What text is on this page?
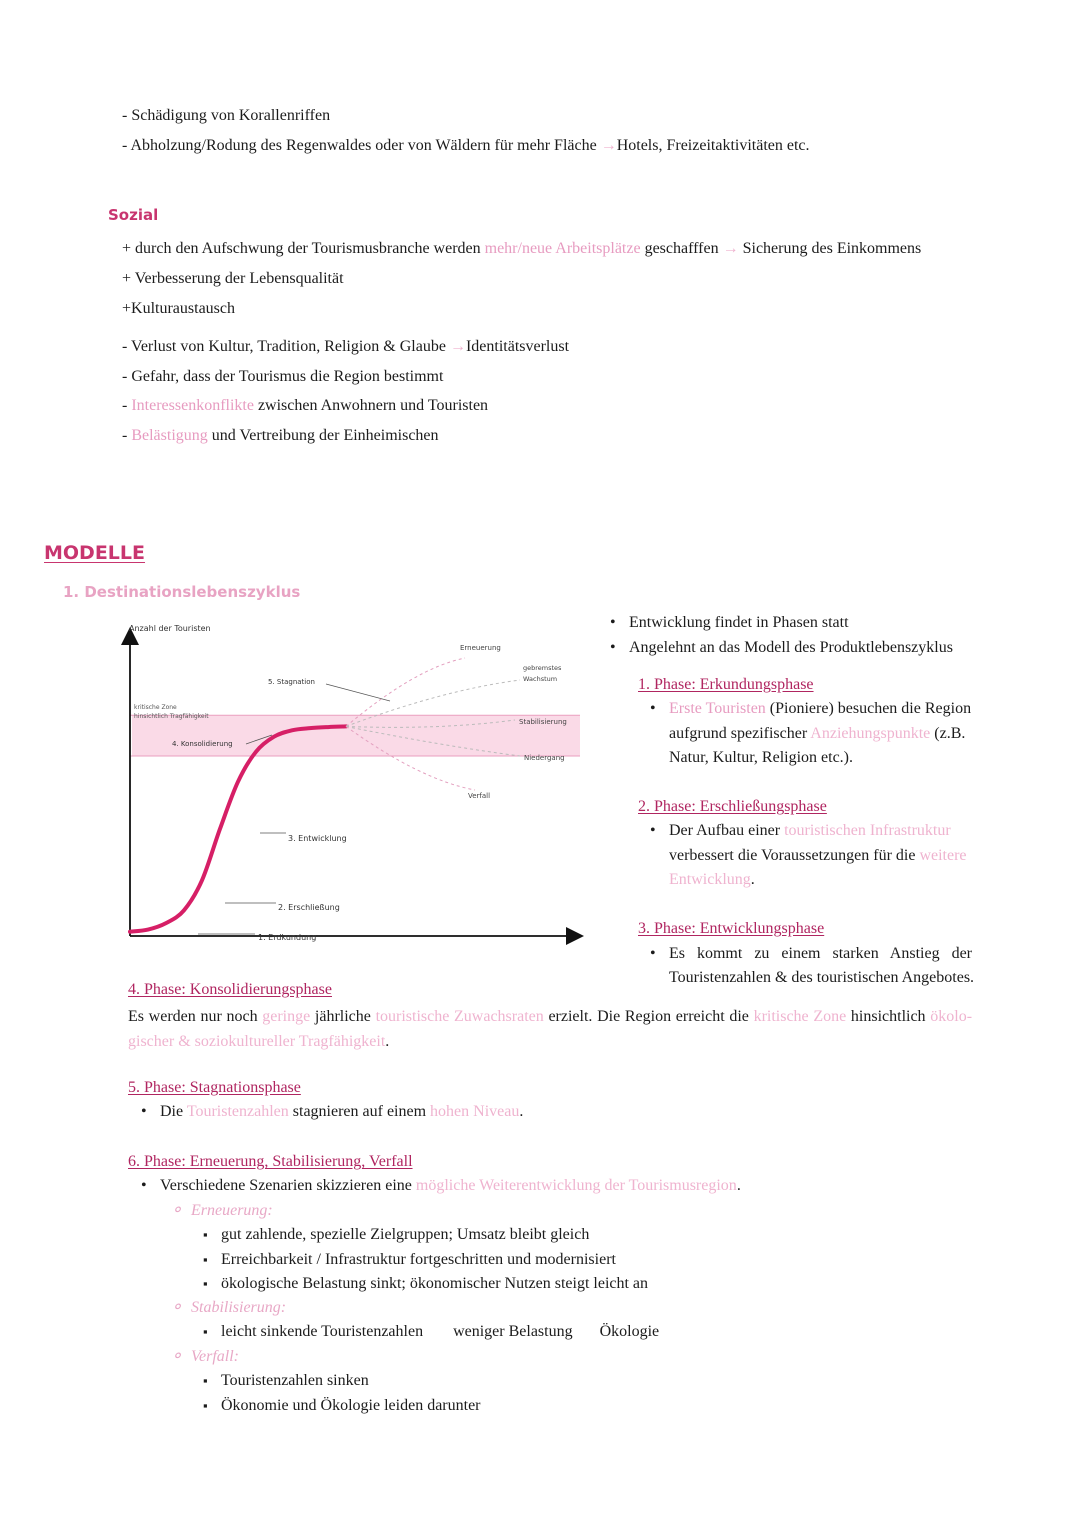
- Schädigung von Korallenriffen
- Abholzung/Rodung des Regenwaldes oder von Wäldern für mehr Fläche →Hotels, Freizeitaktivitäten etc.
Sozial
+ durch den Aufschwung der Tourismusbranche werden mehr/neue Arbeitsplätze geschafffen → Sicherung des Einkommens
+ Verbesserung der Lebensqualität
+Kulturaustausch
- Verlust von Kultur, Tradition, Religion & Glaube →Identitätsverlust
- Gefahr, dass der Tourismus die Region bestimmt
- Interessenkonflikte zwischen Anwohnern und Touristen
- Belästigung und Vertreibung der Einheimischen
MODELLE
1. Destinationslebenszyklus
Anzahl der Touristen
kritische Zone
hinsichtlich Tragfähigkeit
1. Erdkundung
2. Erschließung
3. Entwicklung
4. Konsolidierung
5. Stagnation
Erneuerung
gebremstes
Wachstum
Stabilisierung
Niedergang
Verfall
• Entwicklung findet in Phasen statt
• Angelehnt an das Modell des Produktlebenszyklus
1. Phase: Erkundungsphase
• Erste Touristen (Pioniere) besuchen die Region
aufgrund spezifischer Anziehungspunkte (z.B.
Natur, Kultur, Religion etc.).
2. Phase: Erschließungsphase
• Der Aufbau einer touristischen Infrastruktur
verbessert die Voraussetzungen für die weitere
Entwicklung.
3. Phase: Entwicklungsphase
• Es kommt zu einem starken Anstieg der
Touristenzahlen & des touristischen Angebotes.
4. Phase: Konsolidierungsphase
Es werden nur noch geringe jährliche touristische Zuwachsraten erzielt. Die Region erreicht die kritische Zone hinsichtlich ökolo- gischer & soziokultureller Tragfähigkeit.
5. Phase: Stagnationsphase
• Die Touristenzahlen stagnieren auf einem hohen Niveau.
6. Phase: Erneuerung, Stabilisierung, Verfall
• Verschiedene Szenarien skizzieren eine mögliche Weiterentwicklung der Tourismusregion.
∘ Erneuerung:
▪ gut zahlende, spezielle Zielgruppen; Umsatz bleibt gleich
▪ Erreichbarkeit / Infrastruktur fortgeschritten und modernisiert
▪ ökologische Belastung sinkt; ökonomischer Nutzen steigt leicht an
∘ Stabilisierung:
▪ leicht sinkende Touristenzahlen weniger Belastung Ökologie
∘ Verfall:
▪ Touristenzahlen sinken
▪ Ökonomie und Ökologie leiden darunter
